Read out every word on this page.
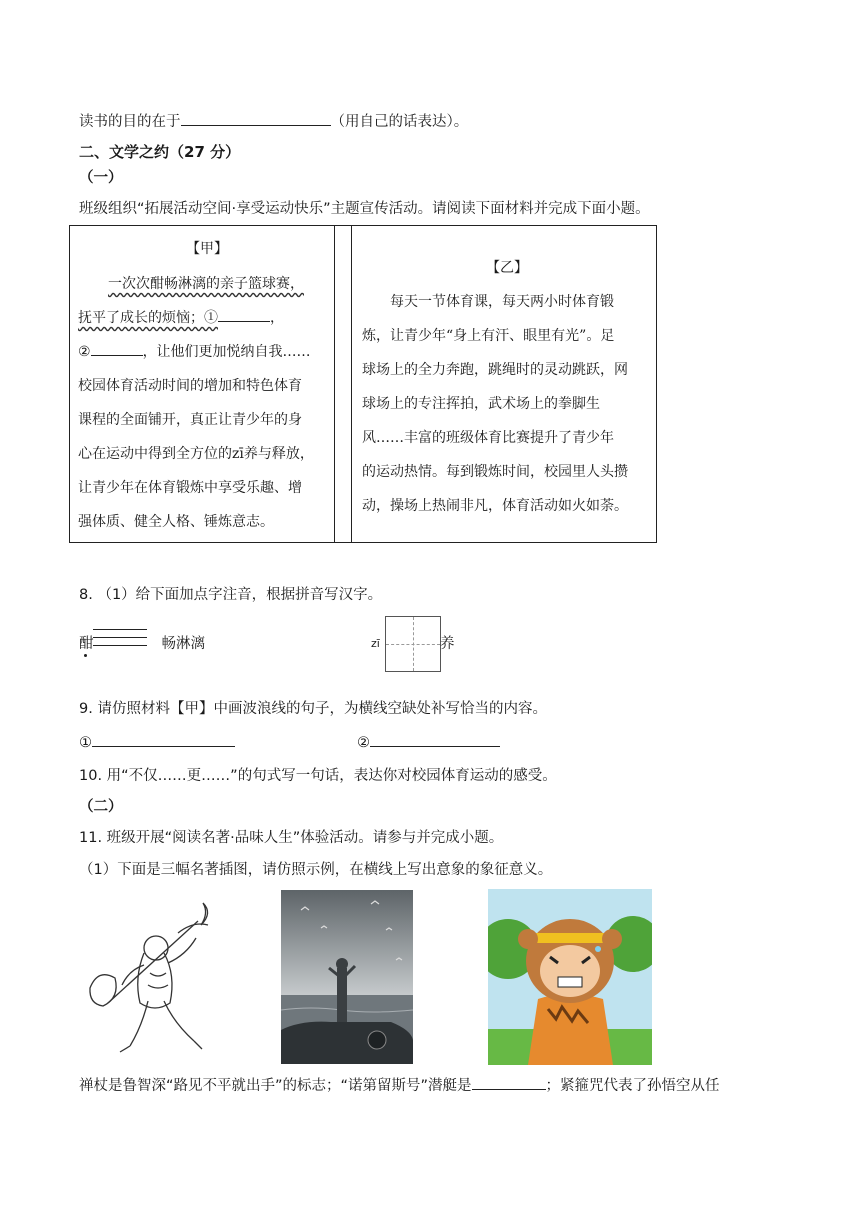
读书的目的在于	（用自己的话表达）。
二、文学之约（27 分）
（一）
班级组织“拓展活动空间·享受运动快乐”主题宣传活动。请阅读下面材料并完成下面小题。
【甲】
一次次酣畅淋漓的亲子篮球赛，
抚平了成长的烦恼；①	，
②	，让他们更加悦纳自我……
校园体育活动时间的增加和特色体育
课程的全面铺开，真正让青少年的身
心在运动中得到全方位的zī养与释放，
让青少年在体育锻炼中享受乐趣、增
强体质、健全人格、锤炼意志。

【乙】
每天一节体育课，每天两小时体育锻
炼，让青少年“身上有汗、眼里有光”。足
球场上的全力奔跑，跳绳时的灵动跳跃，网
球场上的专注挥拍，武术场上的拳脚生
风……丰富的班级体育比赛提升了青少年
的运动热情。每到锻炼时间，校园里人头攒
动，操场上热闹非凡，体育活动如火如荼。
8. （1）给下面加点字注音，根据拼音写汉字。
酣	畅淋漓	zī	养
9. 请仿照材料【甲】中画波浪线的句子，为横线空缺处补写恰当的内容。
①	②
10. 用“不仅……更……”的句式写一句话，表达你对校园体育运动的感受。
（二）
11. 班级开展“阅读名著·品味人生”体验活动。请参与并完成小题。
（1）下面是三幅名著插图，请仿照示例，在横线上写出意象的象征意义。
禅杖是鲁智深“路见不平就出手”的标志；“诺第留斯号”潜艇是	；紧箍咒代表了孙悟空从任
